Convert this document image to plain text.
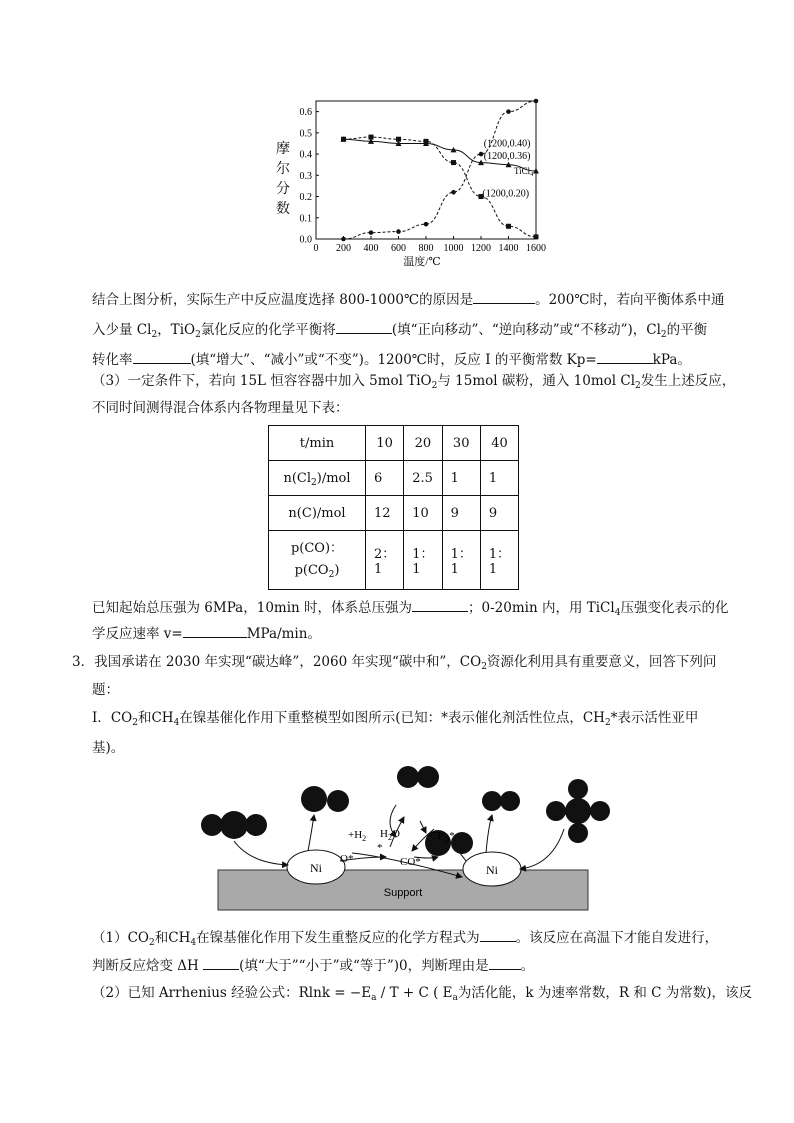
摩尔分数
0 200 400 600 800 1000 1200 1400 1600
0.0
0.1
0.2
0.3
0.4
0.5
0.6
温度/℃
(1200,0.40)
(1200,0.36)
(1200,0.20)
TiCl$_4$
结合上图分析，实际生产中反应温度选择 800-1000℃的原因是	。200℃时，若向平衡体系中通
入少量 $Cl_2$，TiO$_2$氯化反应的化学平衡将	(填“正向移动”、“逆向移动”或“不移动”)，$Cl_2$的平衡
转化率	(填“增大”、“减小”或“不变”)。1200℃时，反应 I 的平衡常数 Kp=	kPa。
（3）一定条件下，若向 15L 恒容容器中加入 5mol TiO$_2$与 15mol 碳粉，通入 10mol $Cl_2$发生上述反应，
不同时间测得混合体系内各物理量见下表：
t/min	10	20	30	40
$n(Cl_2)$/mol	6	2.5	1	1
n(C)/mol	12	10	9	9

p(CO)：
$p(CO_2)$	2：1	1：1	1：1	1：1
已知起始总压强为 6MPa，10min 时，体系总压强为	；0-20min 内，用 TiCl$_4$压强变化表示的化
学反应速率 v=	MPa/min。
3．我国承诺在 2030 年实现“碳达峰”，2060 年实现“碳中和”，$CO_2$资源化利用具有重要意义，回答下列问
题：
I．$CO_2$和$CH_4$在镍基催化作用下重整模型如图所示(已知：*表示催化剂活性位点，$CH_2*$表示活性亚甲
基)。
Support
Ni	Ni
$+H_2$ $H_2O$	$CH_2*$
O*	CO*
*
$(1)CO_2$和$CH_4$在镍基催化作用下发生重整反应的化学方程式为	。该反应在高温下才能自发进行，
判断反应焓变 ΔH	(填“大于”“小于”或“等于”)0，判断理由是 。
（2）已知 Arrhenius 经验公式：$Rlnk = -E_a / T + C$ ( $E_a$为活化能，k 为速率常数，R 和 C 为常数)，该反
